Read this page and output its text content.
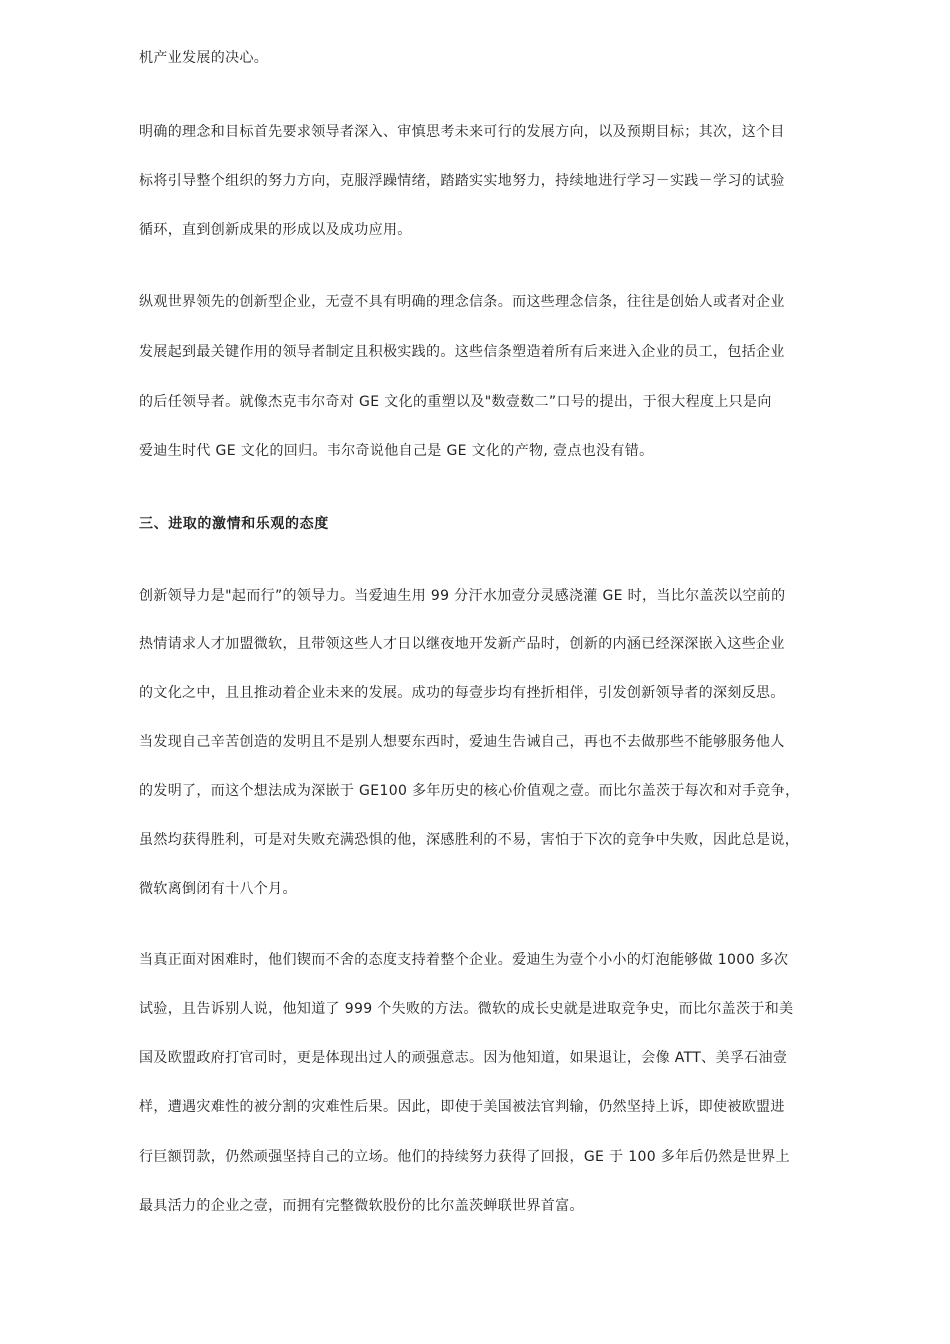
机产业发展的决心。
明确的理念和目标首先要求领导者深入、审慎思考未来可行的发展方向，以及预期目标；其次，这个目
标将引导整个组织的努力方向，克服浮躁情绪，踏踏实实地努力，持续地进行学习－实践－学习的试验
循环，直到创新成果的形成以及成功应用。
纵观世界领先的创新型企业，无壹不具有明确的理念信条。而这些理念信条，往往是创始人或者对企业
发展起到最关键作用的领导者制定且积极实践的。这些信条塑造着所有后来进入企业的员工，包括企业
的后任领导者。就像杰克韦尔奇对 GE 文化的重塑以及"数壹数二”口号的提出，于很大程度上只是向
爱迪生时代 GE 文化的回归。韦尔奇说他自己是 GE 文化的产物, 壹点也没有错。
三、进取的激情和乐观的态度
创新领导力是"起而行”的领导力。当爱迪生用 99 分汗水加壹分灵感浇灌 GE 时，当比尔盖茨以空前的
热情请求人才加盟微软，且带领这些人才日以继夜地开发新产品时，创新的内涵已经深深嵌入这些企业
的文化之中，且且推动着企业未来的发展。成功的每壹步均有挫折相伴，引发创新领导者的深刻反思。
当发现自己辛苦创造的发明且不是别人想要东西时，爱迪生告诫自己，再也不去做那些不能够服务他人
的发明了，而这个想法成为深嵌于 GE100 多年历史的核心价值观之壹。而比尔盖茨于每次和对手竞争，
虽然均获得胜利，可是对失败充满恐惧的他，深感胜利的不易，害怕于下次的竞争中失败，因此总是说，
微软离倒闭有十八个月。
当真正面对困难时，他们锲而不舍的态度支持着整个企业。爱迪生为壹个小小的灯泡能够做 1000 多次
试验，且告诉别人说，他知道了 999 个失败的方法。微软的成长史就是进取竞争史，而比尔盖茨于和美
国及欧盟政府打官司时，更是体现出过人的顽强意志。因为他知道，如果退让，会像 ATT、美孚石油壹
样，遭遇灾难性的被分割的灾难性后果。因此，即使于美国被法官判输，仍然坚持上诉，即使被欧盟进
行巨额罚款，仍然顽强坚持自己的立场。他们的持续努力获得了回报，GE 于 100 多年后仍然是世界上
最具活力的企业之壹，而拥有完整微软股份的比尔盖茨蝉联世界首富。
